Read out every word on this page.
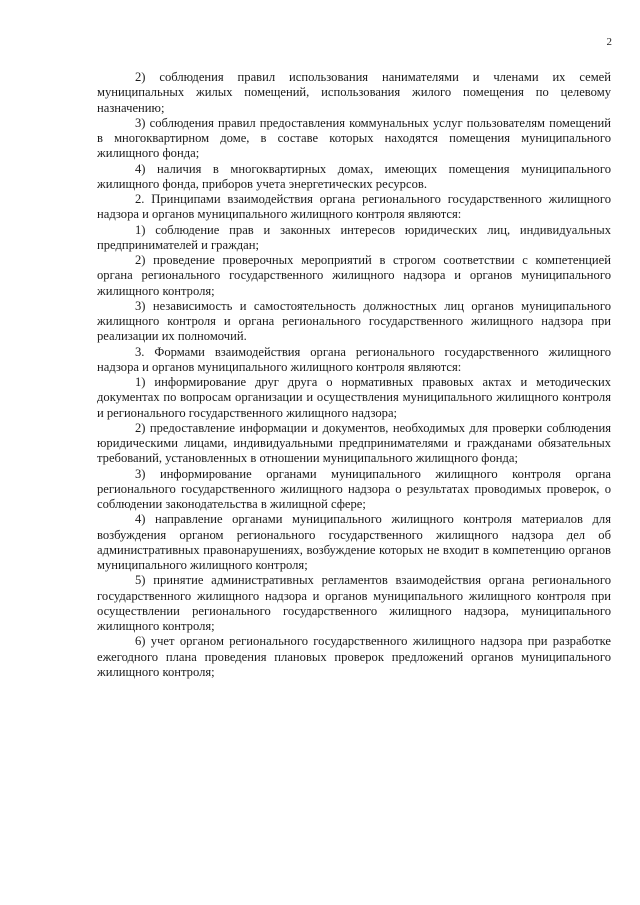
2

2) соблюдения правил использования нанимателями и членами их семей муниципальных жилых помещений, использования жилого помещения по целевому назначению;

3) соблюдения правил предоставления коммунальных услуг пользователям помещений в многоквартирном доме, в составе которых находятся помещения муниципального жилищного фонда;

4) наличия в многоквартирных домах, имеющих помещения муниципального жилищного фонда, приборов учета энергетических ресурсов.

2. Принципами взаимодействия органа регионального государственного жилищного надзора и органов муниципального жилищного контроля являются:

1) соблюдение прав и законных интересов юридических лиц, индивидуальных предпринимателей и граждан;

2) проведение проверочных мероприятий в строгом соответствии с компетенцией органа регионального государственного жилищного надзора и органов муниципального жилищного контроля;

3) независимость и самостоятельность должностных лиц органов муниципального жилищного контроля и органа регионального государственного жилищного надзора при реализации их полномочий.

3. Формами взаимодействия органа регионального государственного жилищного надзора и органов муниципального жилищного контроля являются:

1) информирование друг друга о нормативных правовых актах и методических документах по вопросам организации и осуществления муниципального жилищного контроля и регионального государственного жилищного надзора;

2) предоставление информации и документов, необходимых для проверки соблюдения юридическими лицами, индивидуальными предпринимателями и гражданами обязательных требований, установленных в отношении муниципального жилищного фонда;

3) информирование органами муниципального жилищного контроля органа регионального государственного жилищного надзора о результатах проводимых проверок, о соблюдении законодательства в жилищной сфере;

4) направление органами муниципального жилищного контроля материалов для возбуждения органом регионального государственного жилищного надзора дел об административных правонарушениях, возбуждение которых не входит в компетенцию органов муниципального жилищного контроля;

5) принятие административных регламентов взаимодействия органа регионального государственного жилищного надзора и органов муниципального жилищного контроля при осуществлении регионального государственного жилищного надзора, муниципального жилищного контроля;

6) учет органом регионального государственного жилищного надзора при разработке ежегодного плана проведения плановых проверок предложений органов муниципального жилищного контроля;
